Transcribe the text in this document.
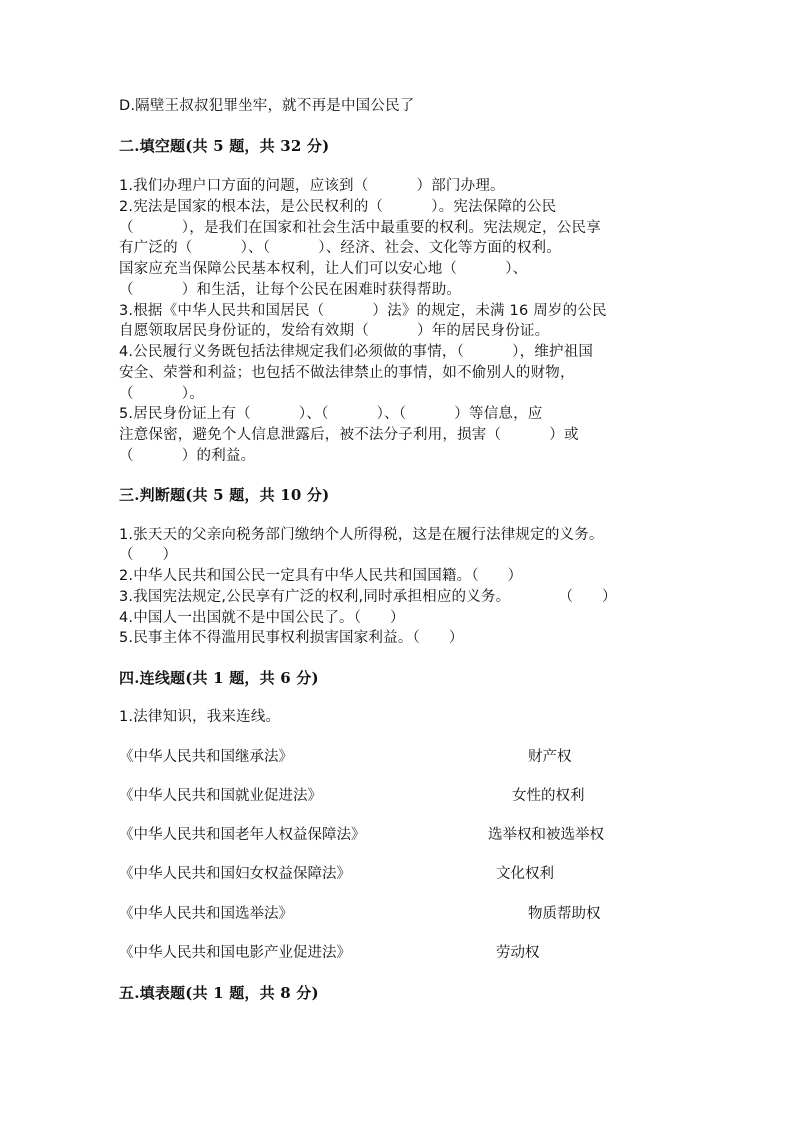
D.隔壁王叔叔犯罪坐牢，就不再是中国公民了
二.填空题(共 5 题，共 32 分)
1.我们办理户口方面的问题，应该到（          ）部门办理。
2.宪法是国家的根本法，是公民权利的（          ）。宪法保障的公民
（          ），是我们在国家和社会生活中最重要的权利。宪法规定，公民享
有广泛的（          ）、（          ）、经济、社会、文化等方面的权利。
国家应充当保障公民基本权利，让人们可以安心地（          ）、
（          ）和生活，让每个公民在困难时获得帮助。
3.根据《中华人民共和国居民（          ）法》的规定，未满 16 周岁的公民
自愿领取居民身份证的，发给有效期（          ）年的居民身份证。
4.公民履行义务既包括法律规定我们必须做的事情，（          ），维护祖国
安全、荣誉和利益；也包括不做法律禁止的事情，如不偷别人的财物，
（          ）。
5.居民身份证上有（          ）、（          ）、（          ）等信息，应
注意保密，避免个人信息泄露后，被不法分子利用，损害（          ）或
（          ）的利益。
三.判断题(共 5 题，共 10 分)
1.张天天的父亲向税务部门缴纳个人所得税，这是在履行法律规定的义务。
（      ）
2.中华人民共和国公民一定具有中华人民共和国国籍。（      ）
3.我国宪法规定,公民享有广泛的权利,同时承担相应的义务。          （      ）
4.中国人一出国就不是中国公民了。（      ）
5.民事主体不得滥用民事权利损害国家利益。（      ）
四.连线题(共 1 题，共 6 分)
1.法律知识，我来连线。
《中华人民共和国继承法》	财产权
《中华人民共和国就业促进法》	女性的权利
《中华人民共和国老年人权益保障法》	选举权和被选举权
《中华人民共和国妇女权益保障法》	文化权利
《中华人民共和国选举法》	物质帮助权
《中华人民共和国电影产业促进法》	劳动权
五.填表题(共 1 题，共 8 分)
